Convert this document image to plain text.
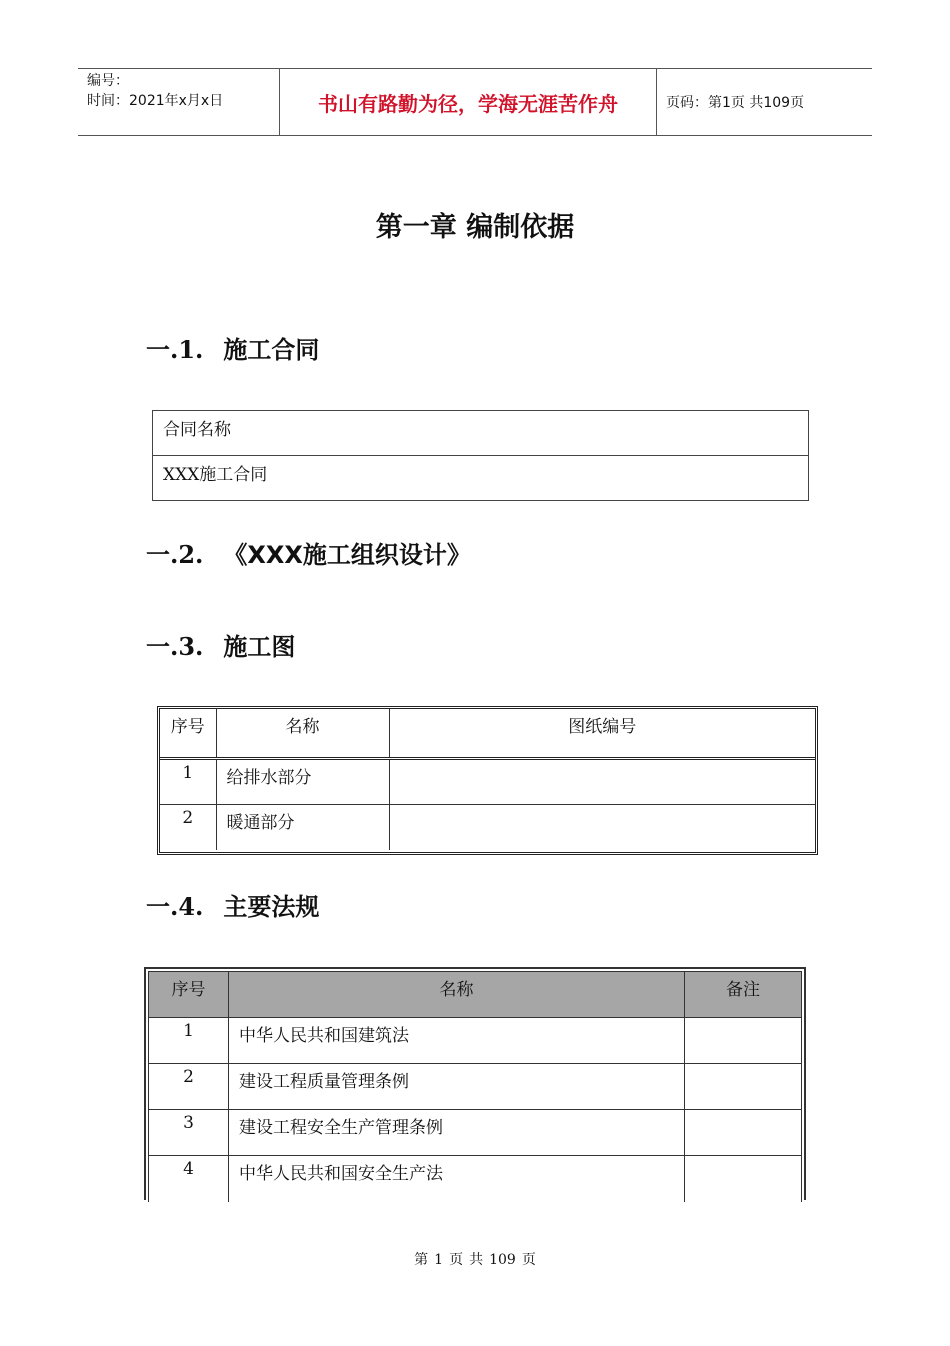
编号：
时间：2021年x月x日	书山有路勤为径，学海无涯苦作舟	页码：第1页 共109页
第一章 编制依据
一.1. 施工合同
合同名称
XXX施工合同
一.2. 《XXX施工组织设计》
一.3. 施工图
序号	名称	图纸编号
1	给排水部分	
2	暖通部分	
一.4. 主要法规
序号	名称	备注
1	中华人民共和国建筑法	
2	建设工程质量管理条例	
3	建设工程安全生产管理条例	
4	中华人民共和国安全生产法	
第 1 页 共 109 页
